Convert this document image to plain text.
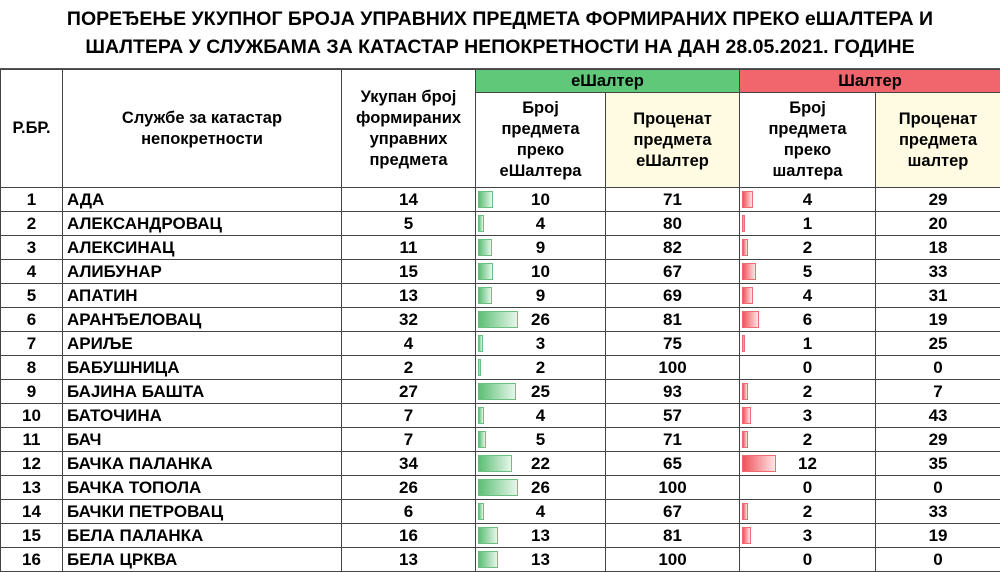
ПОРЕЂЕЊЕ УКУПНОГ БРОЈА УПРАВНИХ ПРЕДМЕТА ФОРМИРАНИХ ПРЕКО еШАЛТЕРА И
ШАЛТЕРА У СЛУЖБАМА ЗА КАТАСТАР НЕПОКРЕТНОСТИ НА ДАН 28.05.2021. ГОДИНЕ
Р.БР.	Службе за катастар непокретности	Укупан број формираних управних предмета	еШалтер		Шалтер	
			Број предмета преко еШалтера	Проценат предмета еШалтер	Број предмета преко шалтера	Проценат предмета шалтер
1	АДА	14	10	71	4	29
2	АЛЕКСАНДРОВАЦ	5	4	80	1	20
3	АЛЕКСИНАЦ	11	9	82	2	18
4	АЛИБУНАР	15	10	67	5	33
5	АПАТИН	13	9	69	4	31
6	АРАНЂЕЛОВАЦ	32	26	81	6	19
7	АРИЉЕ	4	3	75	1	25
8	БАБУШНИЦА	2	2	100	0	0
9	БАЈИНА БАШТА	27	25	93	2	7
10	БАТОЧИНА	7	4	57	3	43
11	БАЧ	7	5	71	2	29
12	БАЧКА ПАЛАНКА	34	22	65	12	35
13	БАЧКА ТОПОЛА	26	26	100	0	0
14	БАЧКИ ПЕТРОВАЦ	6	4	67	2	33
15	БЕЛА ПАЛАНКА	16	13	81	3	19
16	БЕЛА ЦРКВА	13	13	100	0	0
